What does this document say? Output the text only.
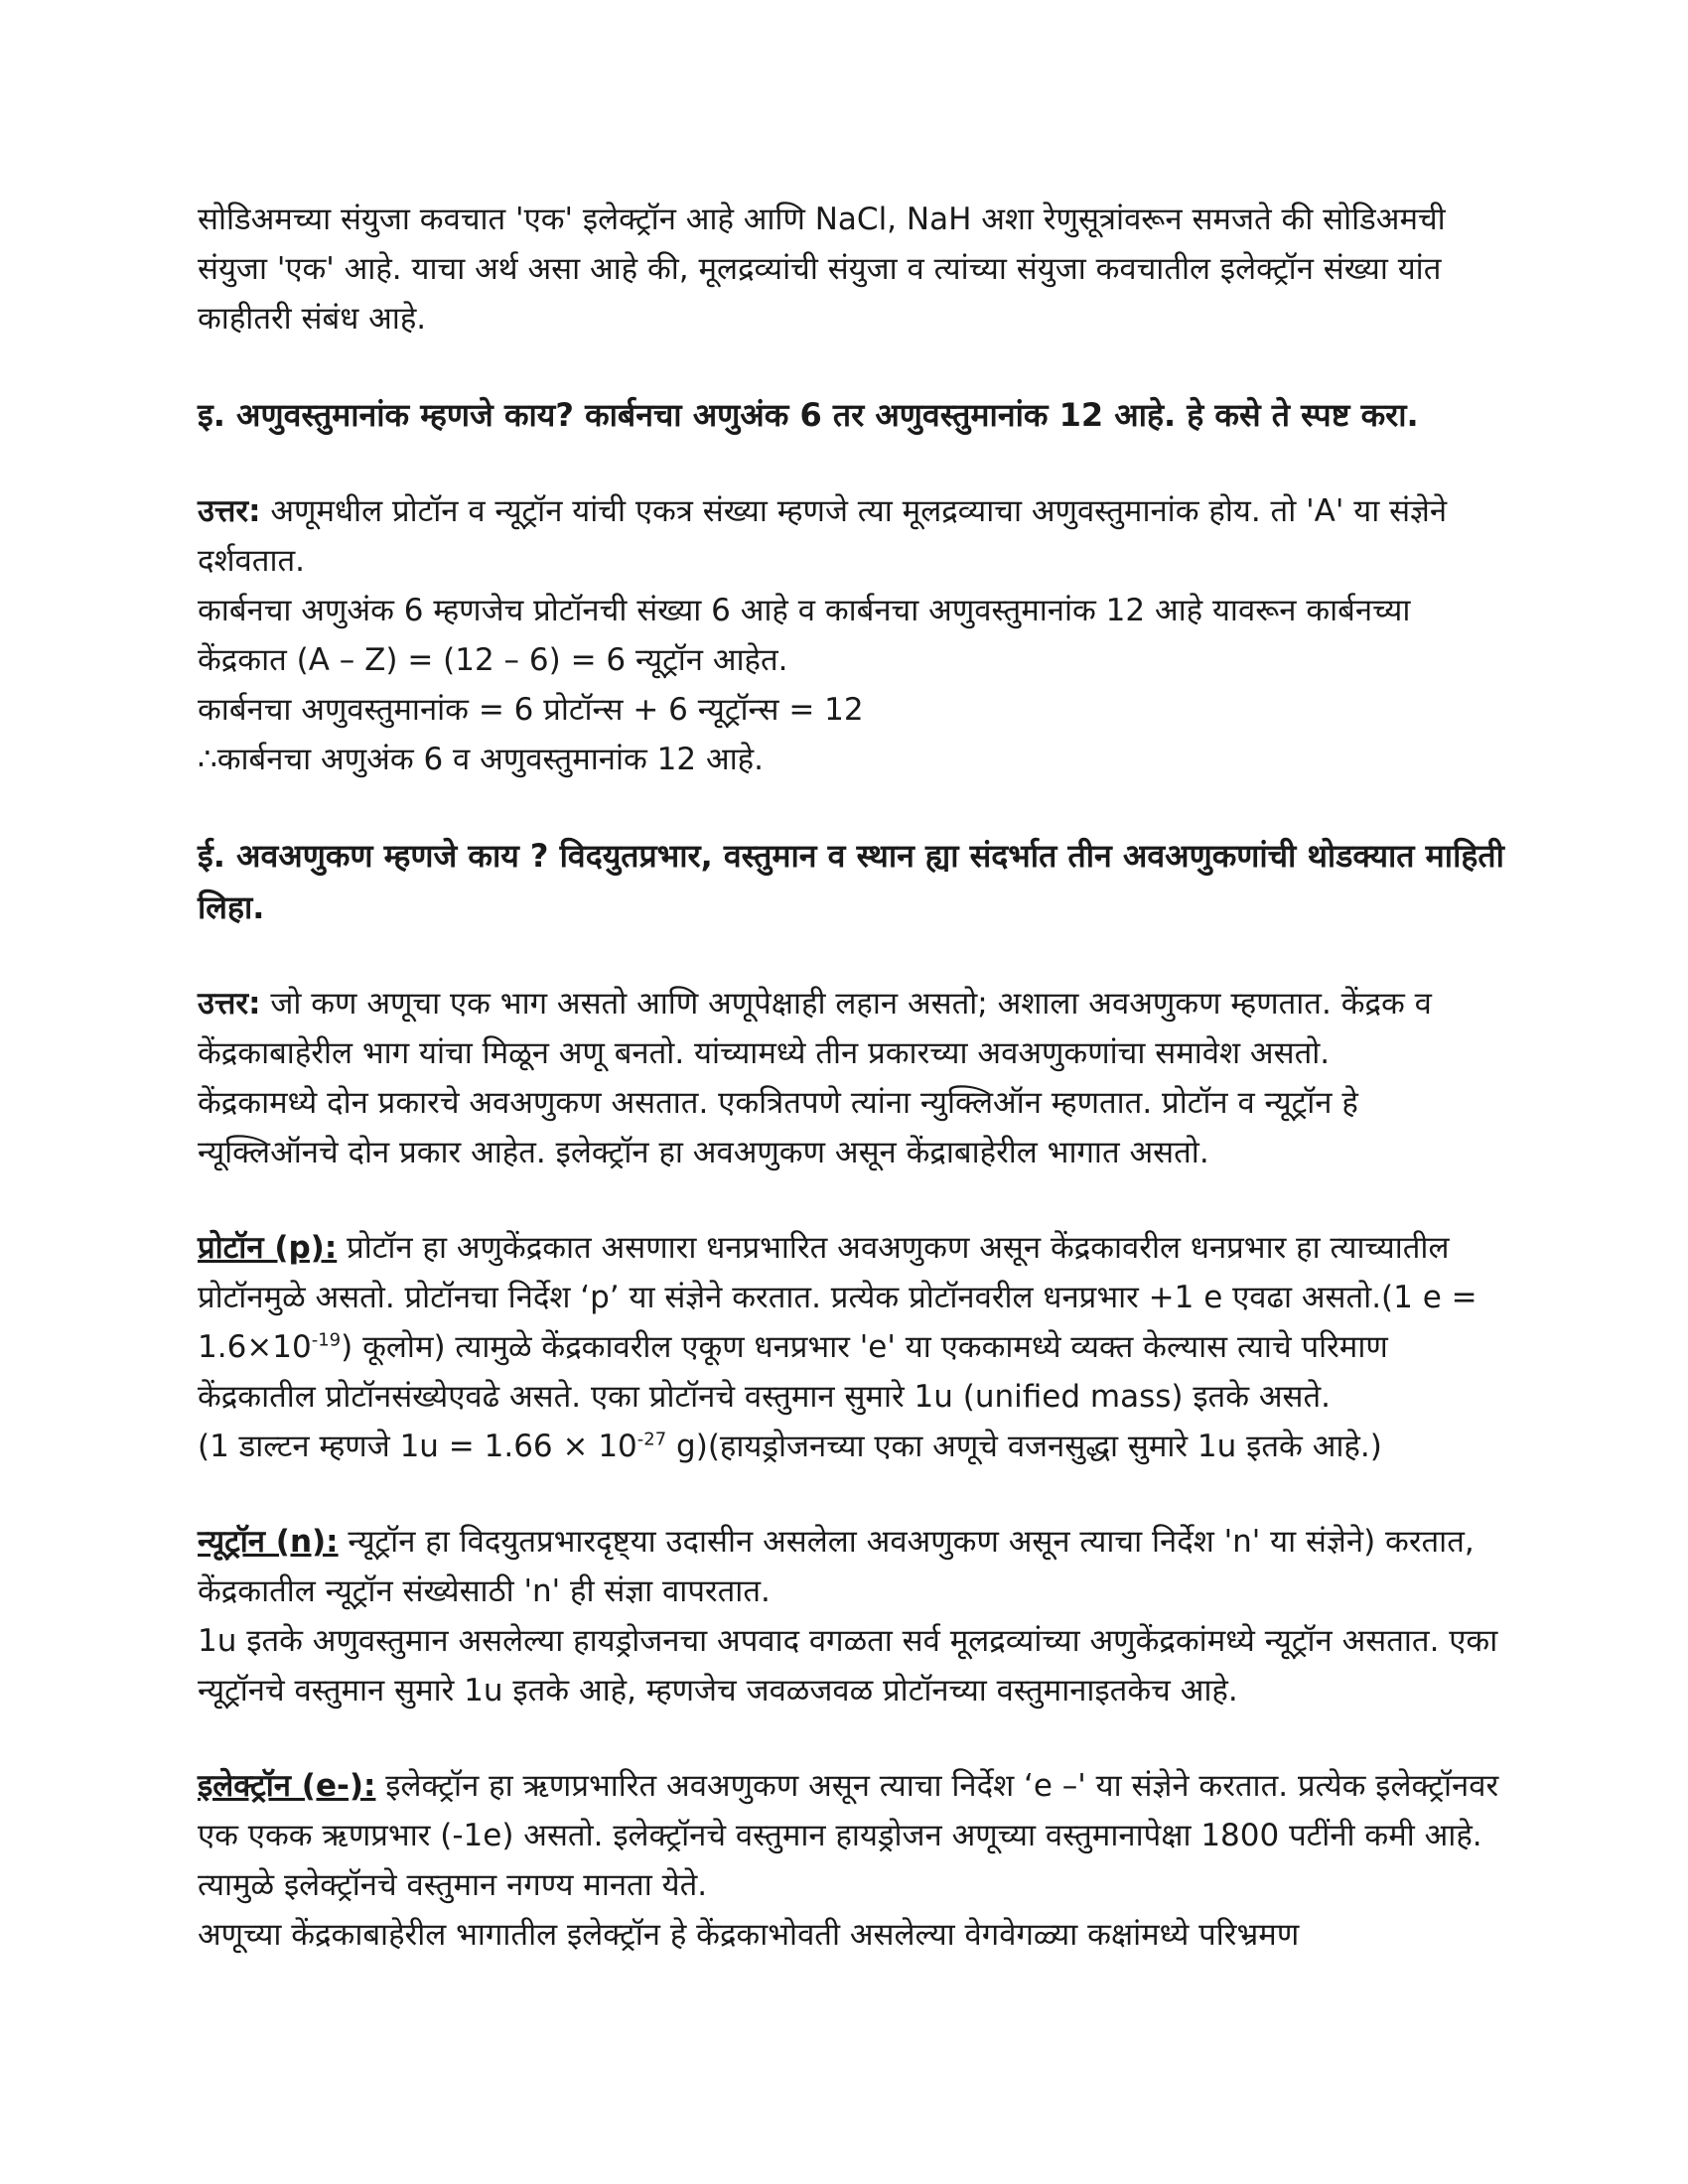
सोडिअमच्या संयुजा कवचात 'एक' इलेक्ट्रॉन आहे आणि NaCl, NaH अशा रेणुसूत्रांवरून समजते की सोडिअमची संयुजा 'एक' आहे. याचा अर्थ असा आहे की, मूलद्रव्यांची संयुजा व त्यांच्या संयुजा कवचातील इलेक्ट्रॉन संख्या यांत काहीतरी संबंध आहे.

इ. अणुवस्तुमानांक म्हणजे काय? कार्बनचा अणुअंक 6 तर अणुवस्तुमानांक 12 आहे. हे कसे ते स्पष्ट करा.

उत्तर: अणूमधील प्रोटॉन व न्यूट्रॉन यांची एकत्र संख्या म्हणजे त्या मूलद्रव्याचा अणुवस्तुमानांक होय. तो 'A' या संज्ञेने दर्शवतात.

कार्बनचा अणुअंक 6 म्हणजेच प्रोटॉनची संख्या 6 आहे व कार्बनचा अणुवस्तुमानांक 12 आहे यावरून कार्बनच्या केंद्रकात (A – Z) = (12 – 6) = 6 न्यूट्रॉन आहेत.

कार्बनचा अणुवस्तुमानांक = 6 प्रोटॉन्स + 6 न्यूट्रॉन्स = 12

∴कार्बनचा अणुअंक 6 व अणुवस्तुमानांक 12 आहे.

ई. अवअणुकण म्हणजे काय ? विदयुतप्रभार, वस्तुमान व स्थान ह्या संदर्भात तीन अवअणुकणांची थोडक्यात माहिती लिहा.

उत्तर: जो कण अणूचा एक भाग असतो आणि अणूपेक्षाही लहान असतो; अशाला अवअणुकण म्हणतात. केंद्रक व केंद्रकाबाहेरील भाग यांचा मिळून अणू बनतो. यांच्यामध्ये तीन प्रकारच्या अवअणुकणांचा समावेश असतो.

केंद्रकामध्ये दोन प्रकारचे अवअणुकण असतात. एकत्रितपणे त्यांना न्युक्लिऑन म्हणतात. प्रोटॉन व न्यूट्रॉन हे न्यूक्लिऑनचे दोन प्रकार आहेत. इलेक्ट्रॉन हा अवअणुकण असून केंद्राबाहेरील भागात असतो.

प्रोटॉन (p): प्रोटॉन हा अणुकेंद्रकात असणारा धनप्रभारित अवअणुकण असून केंद्रकावरील धनप्रभार हा त्याच्यातील प्रोटॉनमुळे असतो. प्रोटॉनचा निर्देश ‘p’ या संज्ञेने करतात. प्रत्येक प्रोटॉनवरील धनप्रभार +1 e एवढा असतो.(1 $e = 1.6\times 10^{-19}$) कूलोम) त्यामुळे केंद्रकावरील एकूण धनप्रभार 'e' या एककामध्ये व्यक्त केल्यास त्याचे परिमाण केंद्रकातील प्रोटॉनसंख्येएवढे असते. एका प्रोटॉनचे वस्तुमान सुमारे 1u (unified mass) इतके असते.

(1 डाल्टन म्हणजे $1u = 1.66 \times 10^{-27}$ g)(हायड्रोजनच्या एका अणूचे वजनसुद्धा सुमारे 1u इतके आहे.)

न्यूट्रॉन (n): न्यूट्रॉन हा विदयुतप्रभारदृष्ट्या उदासीन असलेला अवअणुकण असून त्याचा निर्देश 'n' या संज्ञेने) करतात, केंद्रकातील न्यूट्रॉन संख्येसाठी 'n' ही संज्ञा वापरतात.

1u इतके अणुवस्तुमान असलेल्या हायड्रोजनचा अपवाद वगळता सर्व मूलद्रव्यांच्या अणुकेंद्रकांमध्ये न्यूट्रॉन असतात. एका न्यूट्रॉनचे वस्तुमान सुमारे 1u इतके आहे, म्हणजेच जवळजवळ प्रोटॉनच्या वस्तुमानाइतकेच आहे.

इलेक्ट्रॉन (e-): इलेक्ट्रॉन हा ऋणप्रभारित अवअणुकण असून त्याचा निर्देश ‘e –' या संज्ञेने करतात. प्रत्येक इलेक्ट्रॉनवर एक एकक ऋणप्रभार (-1e) असतो. इलेक्ट्रॉनचे वस्तुमान हायड्रोजन अणूच्या वस्तुमानापेक्षा 1800 पटींनी कमी आहे. त्यामुळे इलेक्ट्रॉनचे वस्तुमान नगण्य मानता येते.

अणूच्या केंद्रकाबाहेरील भागातील इलेक्ट्रॉन हे केंद्रकाभोवती असलेल्या वेगवेगळ्या कक्षांमध्ये परिभ्रमण
